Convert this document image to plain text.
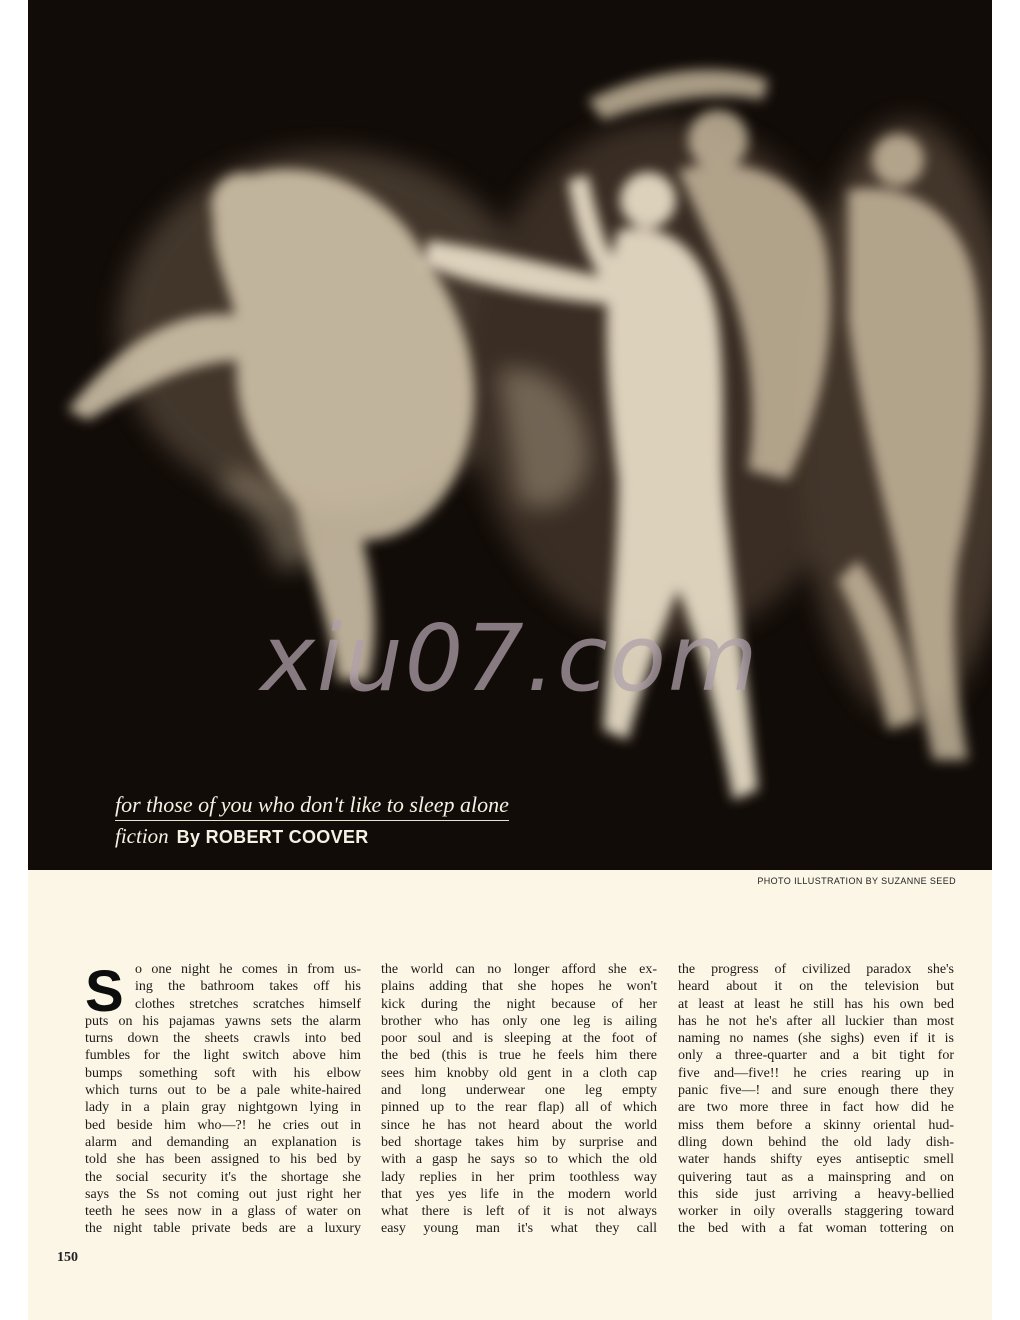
for those of you who don't like to sleep alone
fiction By ROBERT COOVER
xiu07.com
PHOTO ILLUSTRATION BY SUZANNE SEED
S o one night he comes in from us-
ing the bathroom takes off his
clothes stretches scratches himself
puts on his pajamas yawns sets the alarm
turns down the sheets crawls into bed
fumbles for the light switch above him
bumps something soft with his elbow
which turns out to be a pale white-haired
lady in a plain gray nightgown lying in
bed beside him who—?! he cries out in
alarm and demanding an explanation is
told she has been assigned to his bed by
the social security it's the shortage she
says the Ss not coming out just right her
teeth he sees now in a glass of water on
the night table private beds are a luxury
the world can no longer afford she ex-
plains adding that she hopes he won't
kick during the night because of her
brother who has only one leg is ailing
poor soul and is sleeping at the foot of
the bed (this is true he feels him there
sees him knobby old gent in a cloth cap
and long underwear one leg empty
pinned up to the rear flap) all of which
since he has not heard about the world
bed shortage takes him by surprise and
with a gasp he says so to which the old
lady replies in her prim toothless way
that yes yes life in the modern world
what there is left of it is not always
easy young man it's what they call
the progress of civilized paradox she's
heard about it on the television but
at least at least he still has his own bed
has he not he's after all luckier than most
naming no names (she sighs) even if it is
only a three-quarter and a bit tight for
five and—five!! he cries rearing up in
panic five—! and sure enough there they
are two more three in fact how did he
miss them before a skinny oriental hud-
dling down behind the old lady dish-
water hands shifty eyes antiseptic smell
quivering taut as a mainspring and on
this side just arriving a heavy-bellied
worker in oily overalls staggering toward
the bed with a fat woman tottering on
150
